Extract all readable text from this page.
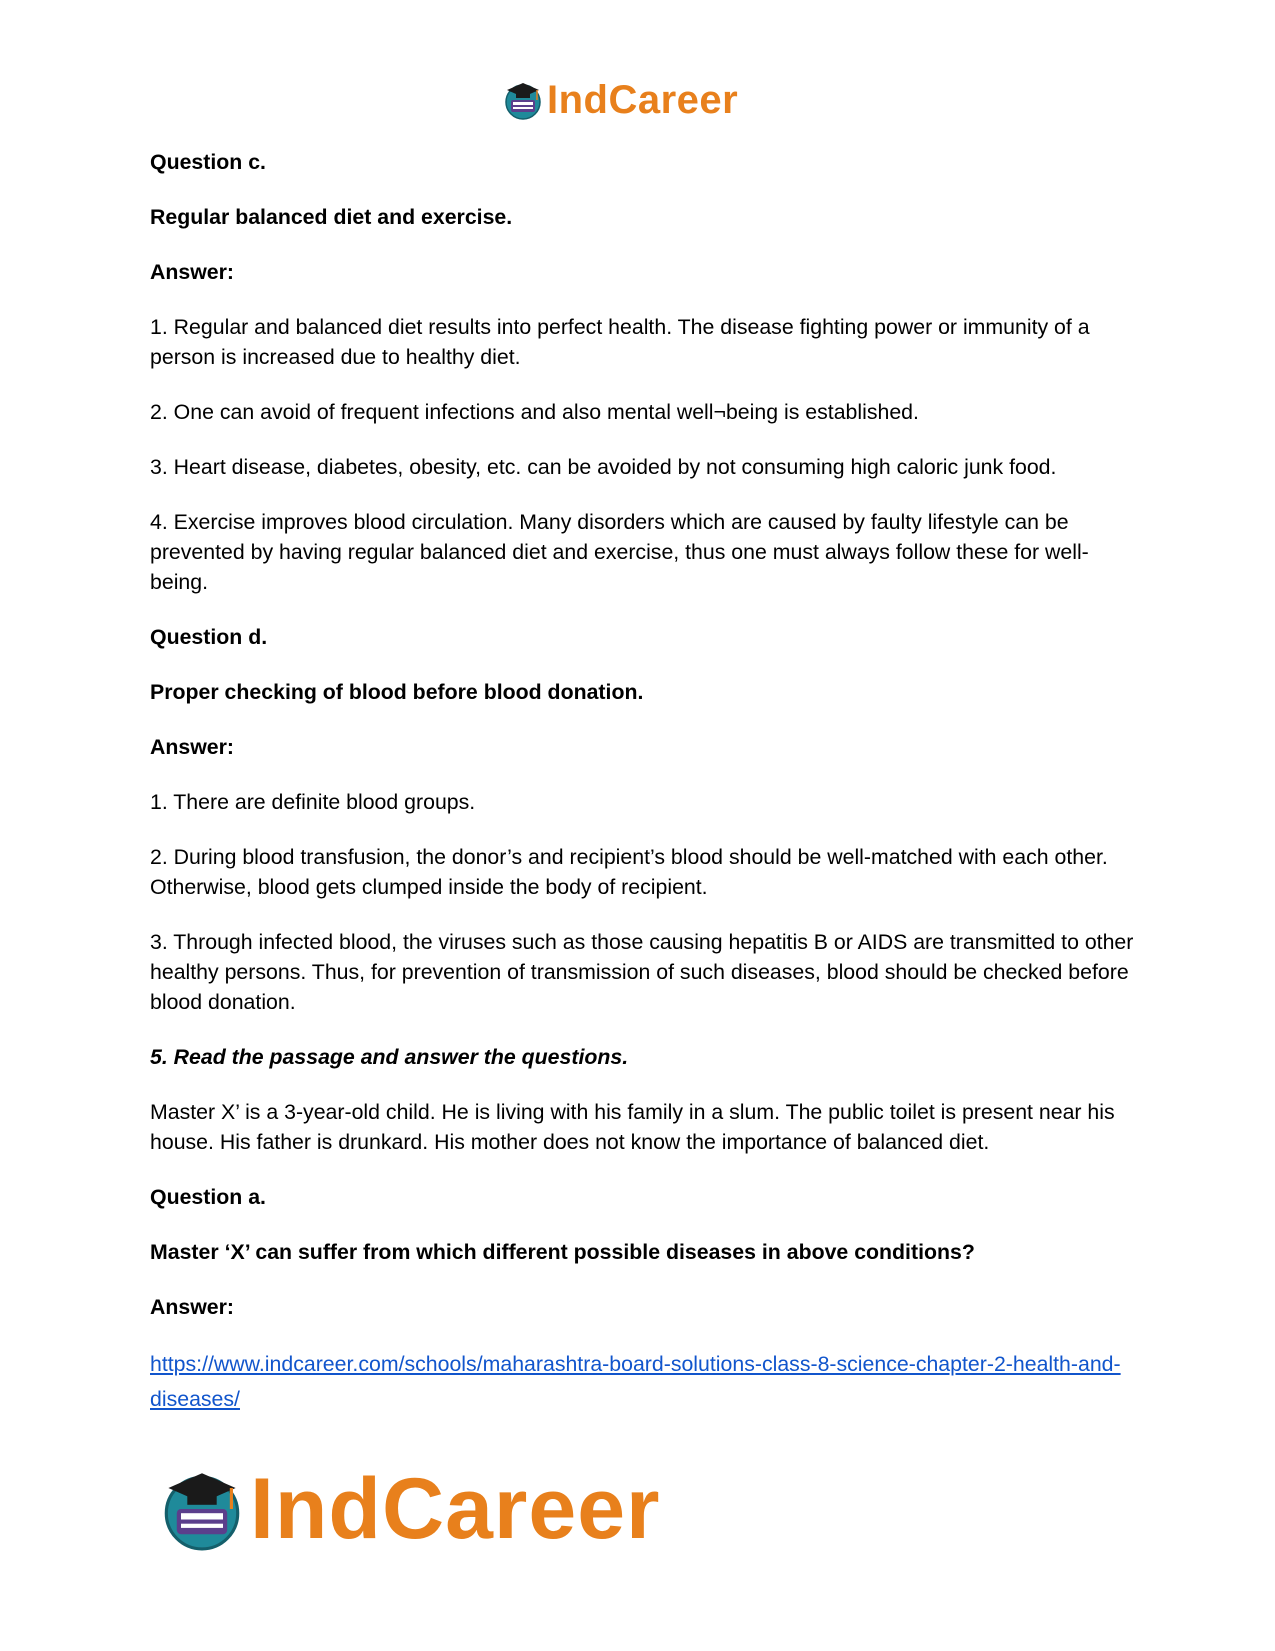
IndCareer

Question c.

Regular balanced diet and exercise.

Answer:

1. Regular and balanced diet results into perfect health. The disease fighting power or immunity of a person is increased due to healthy diet.

2. One can avoid of frequent infections and also mental well¬being is established.

3. Heart disease, diabetes, obesity, etc. can be avoided by not consuming high caloric junk food.

4. Exercise improves blood circulation. Many disorders which are caused by faulty lifestyle can be prevented by having regular balanced diet and exercise, thus one must always follow these for well-being.

Question d.

Proper checking of blood before blood donation.

Answer:

1. There are definite blood groups.

2. During blood transfusion, the donor’s and recipient’s blood should be well-matched with each other. Otherwise, blood gets clumped inside the body of recipient.

3. Through infected blood, the viruses such as those causing hepatitis B or AIDS are transmitted to other healthy persons. Thus, for prevention of transmission of such diseases, blood should be checked before blood donation.

5. Read the passage and answer the questions.

Master X’ is a 3-year-old child. He is living with his family in a slum. The public toilet is present near his house. His father is drunkard. His mother does not know the importance of balanced diet.

Question a.

Master ‘X’ can suffer from which different possible diseases in above conditions?

Answer:

https://www.indcareer.com/schools/maharashtra-board-solutions-class-8-science-chapter-2-health-and-diseases/
IndCareer
